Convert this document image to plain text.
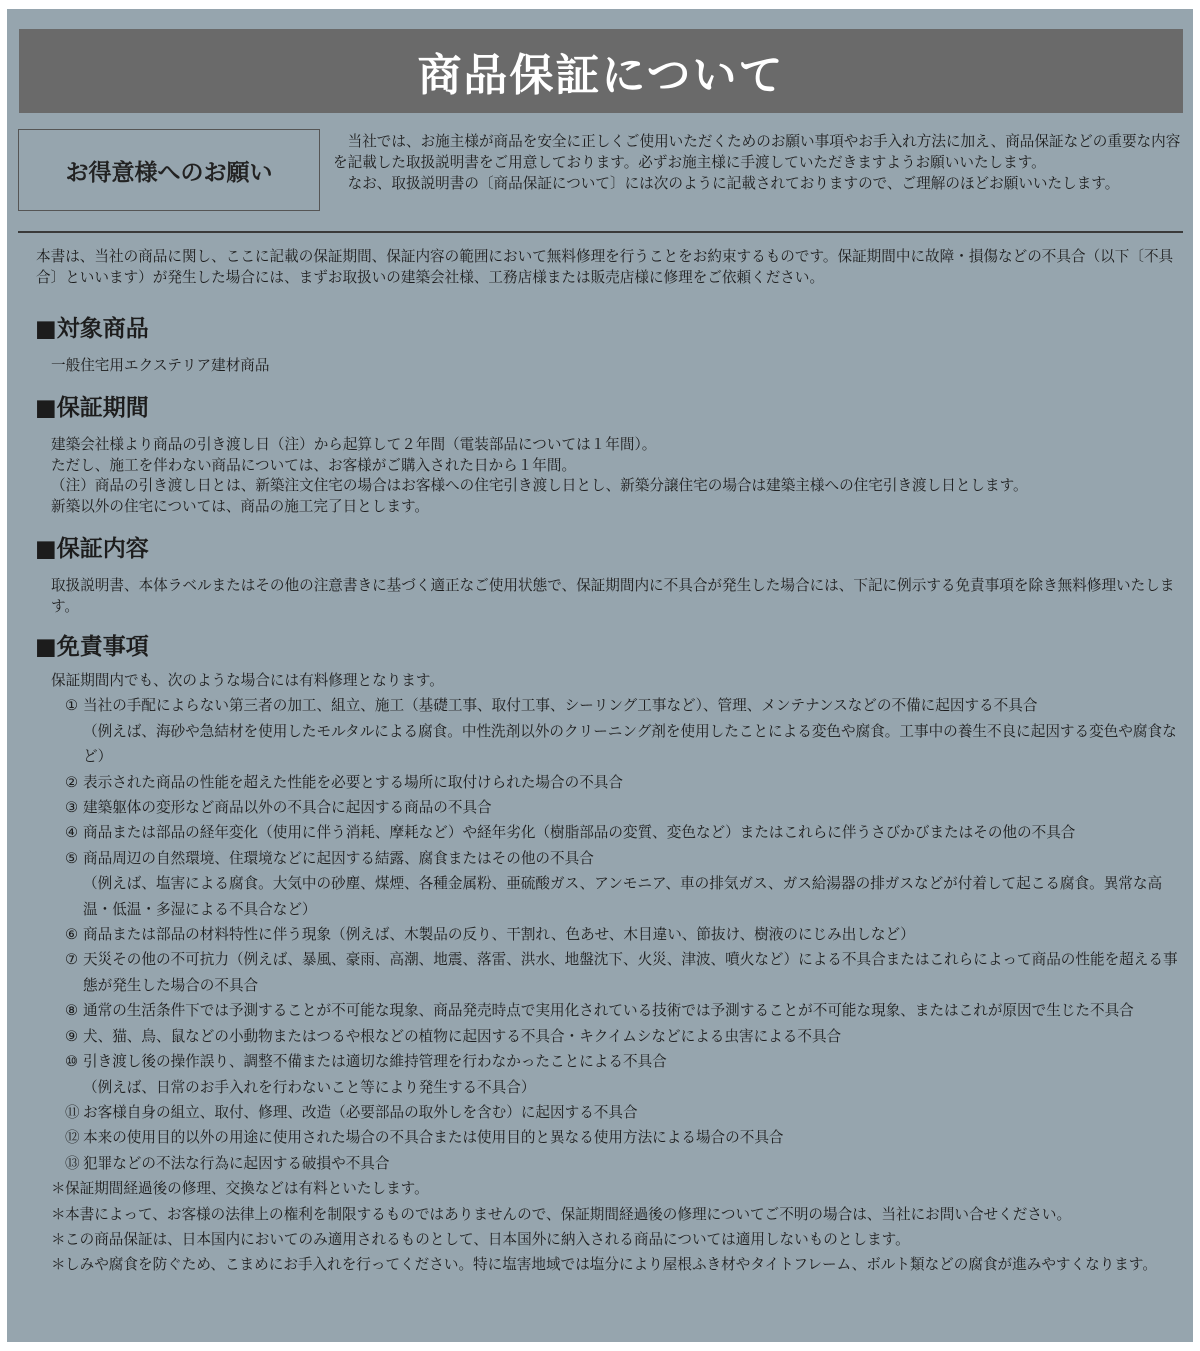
商品保証について
お得意様へのお願い

当社では、お施主様が商品を安全に正しくご使用いただくためのお願い事項やお手入れ方法に加え、商品保証などの重要な内容を記載した取扱説明書をご用意しております。必ずお施主様に手渡していただきますようお願いいたします。

なお、取扱説明書の〔商品保証について〕には次のように記載されておりますので、ご理解のほどお願いいたします。

本書は、当社の商品に関し、ここに記載の保証期間、保証内容の範囲において無料修理を行うことをお約束するものです。保証期間中に故障・損傷などの不具合（以下〔不具合〕といいます）が発生した場合には、まずお取扱いの建築会社様、工務店様または販売店様に修理をご依頼ください。

■対象商品

一般住宅用エクステリア建材商品

■保証期間

建築会社様より商品の引き渡し日（注）から起算して２年間（電装部品については１年間）。

ただし、施工を伴わない商品については、お客様がご購入された日から１年間。

（注）商品の引き渡し日とは、新築注文住宅の場合はお客様への住宅引き渡し日とし、新築分譲住宅の場合は建築主様への住宅引き渡し日とします。

新築以外の住宅については、商品の施工完了日とします。

■保証内容

取扱説明書、本体ラベルまたはその他の注意書きに基づく適正なご使用状態で、保証期間内に不具合が発生した場合には、下記に例示する免責事項を除き無料修理いたします。

■免責事項

保証期間内でも、次のような場合には有料修理となります。

① 当社の手配によらない第三者の加工、組立、施工（基礎工事、取付工事、シーリング工事など）、管理、メンテナンスなどの不備に起因する不具合
（例えば、海砂や急結材を使用したモルタルによる腐食。中性洗剤以外のクリーニング剤を使用したことによる変色や腐食。工事中の養生不良に起因する変色や腐食など）
② 表示された商品の性能を超えた性能を必要とする場所に取付けられた場合の不具合
③ 建築躯体の変形など商品以外の不具合に起因する商品の不具合
④ 商品または部品の経年変化（使用に伴う消耗、摩耗など）や経年劣化（樹脂部品の変質、変色など）またはこれらに伴うさびかびまたはその他の不具合
⑤ 商品周辺の自然環境、住環境などに起因する結露、腐食またはその他の不具合
（例えば、塩害による腐食。大気中の砂塵、煤煙、各種金属粉、亜硫酸ガス、アンモニア、車の排気ガス、ガス給湯器の排ガスなどが付着して起こる腐食。異常な高温・低温・多湿による不具合など）
⑥ 商品または部品の材料特性に伴う現象（例えば、木製品の反り、干割れ、色あせ、木目違い、節抜け、樹液のにじみ出しなど）
⑦ 天災その他の不可抗力（例えば、暴風、豪雨、高潮、地震、落雷、洪水、地盤沈下、火災、津波、噴火など）による不具合またはこれらによって商品の性能を超える事態が発生した場合の不具合
⑧ 通常の生活条件下では予測することが不可能な現象、商品発売時点で実用化されている技術では予測することが不可能な現象、またはこれが原因で生じた不具合
⑨ 犬、猫、鳥、鼠などの小動物またはつるや根などの植物に起因する不具合・キクイムシなどによる虫害による不具合
⑩ 引き渡し後の操作誤り、調整不備または適切な維持管理を行わなかったことによる不具合
（例えば、日常のお手入れを行わないこと等により発生する不具合）
⑪ お客様自身の組立、取付、修理、改造（必要部品の取外しを含む）に起因する不具合
⑫ 本来の使用目的以外の用途に使用された場合の不具合または使用目的と異なる使用方法による場合の不具合
⑬ 犯罪などの不法な行為に起因する破損や不具合
＊ 保証期間経過後の修理、交換などは有料といたします。
＊ 本書によって、お客様の法律上の権利を制限するものではありませんので、保証期間経過後の修理についてご不明の場合は、当社にお問い合せください。
＊ この商品保証は、日本国内においてのみ適用されるものとして、日本国外に納入される商品については適用しないものとします。
＊ しみや腐食を防ぐため、こまめにお手入れを行ってください。特に塩害地域では塩分により屋根ふき材やタイトフレーム、ボルト類などの腐食が進みやすくなります。
